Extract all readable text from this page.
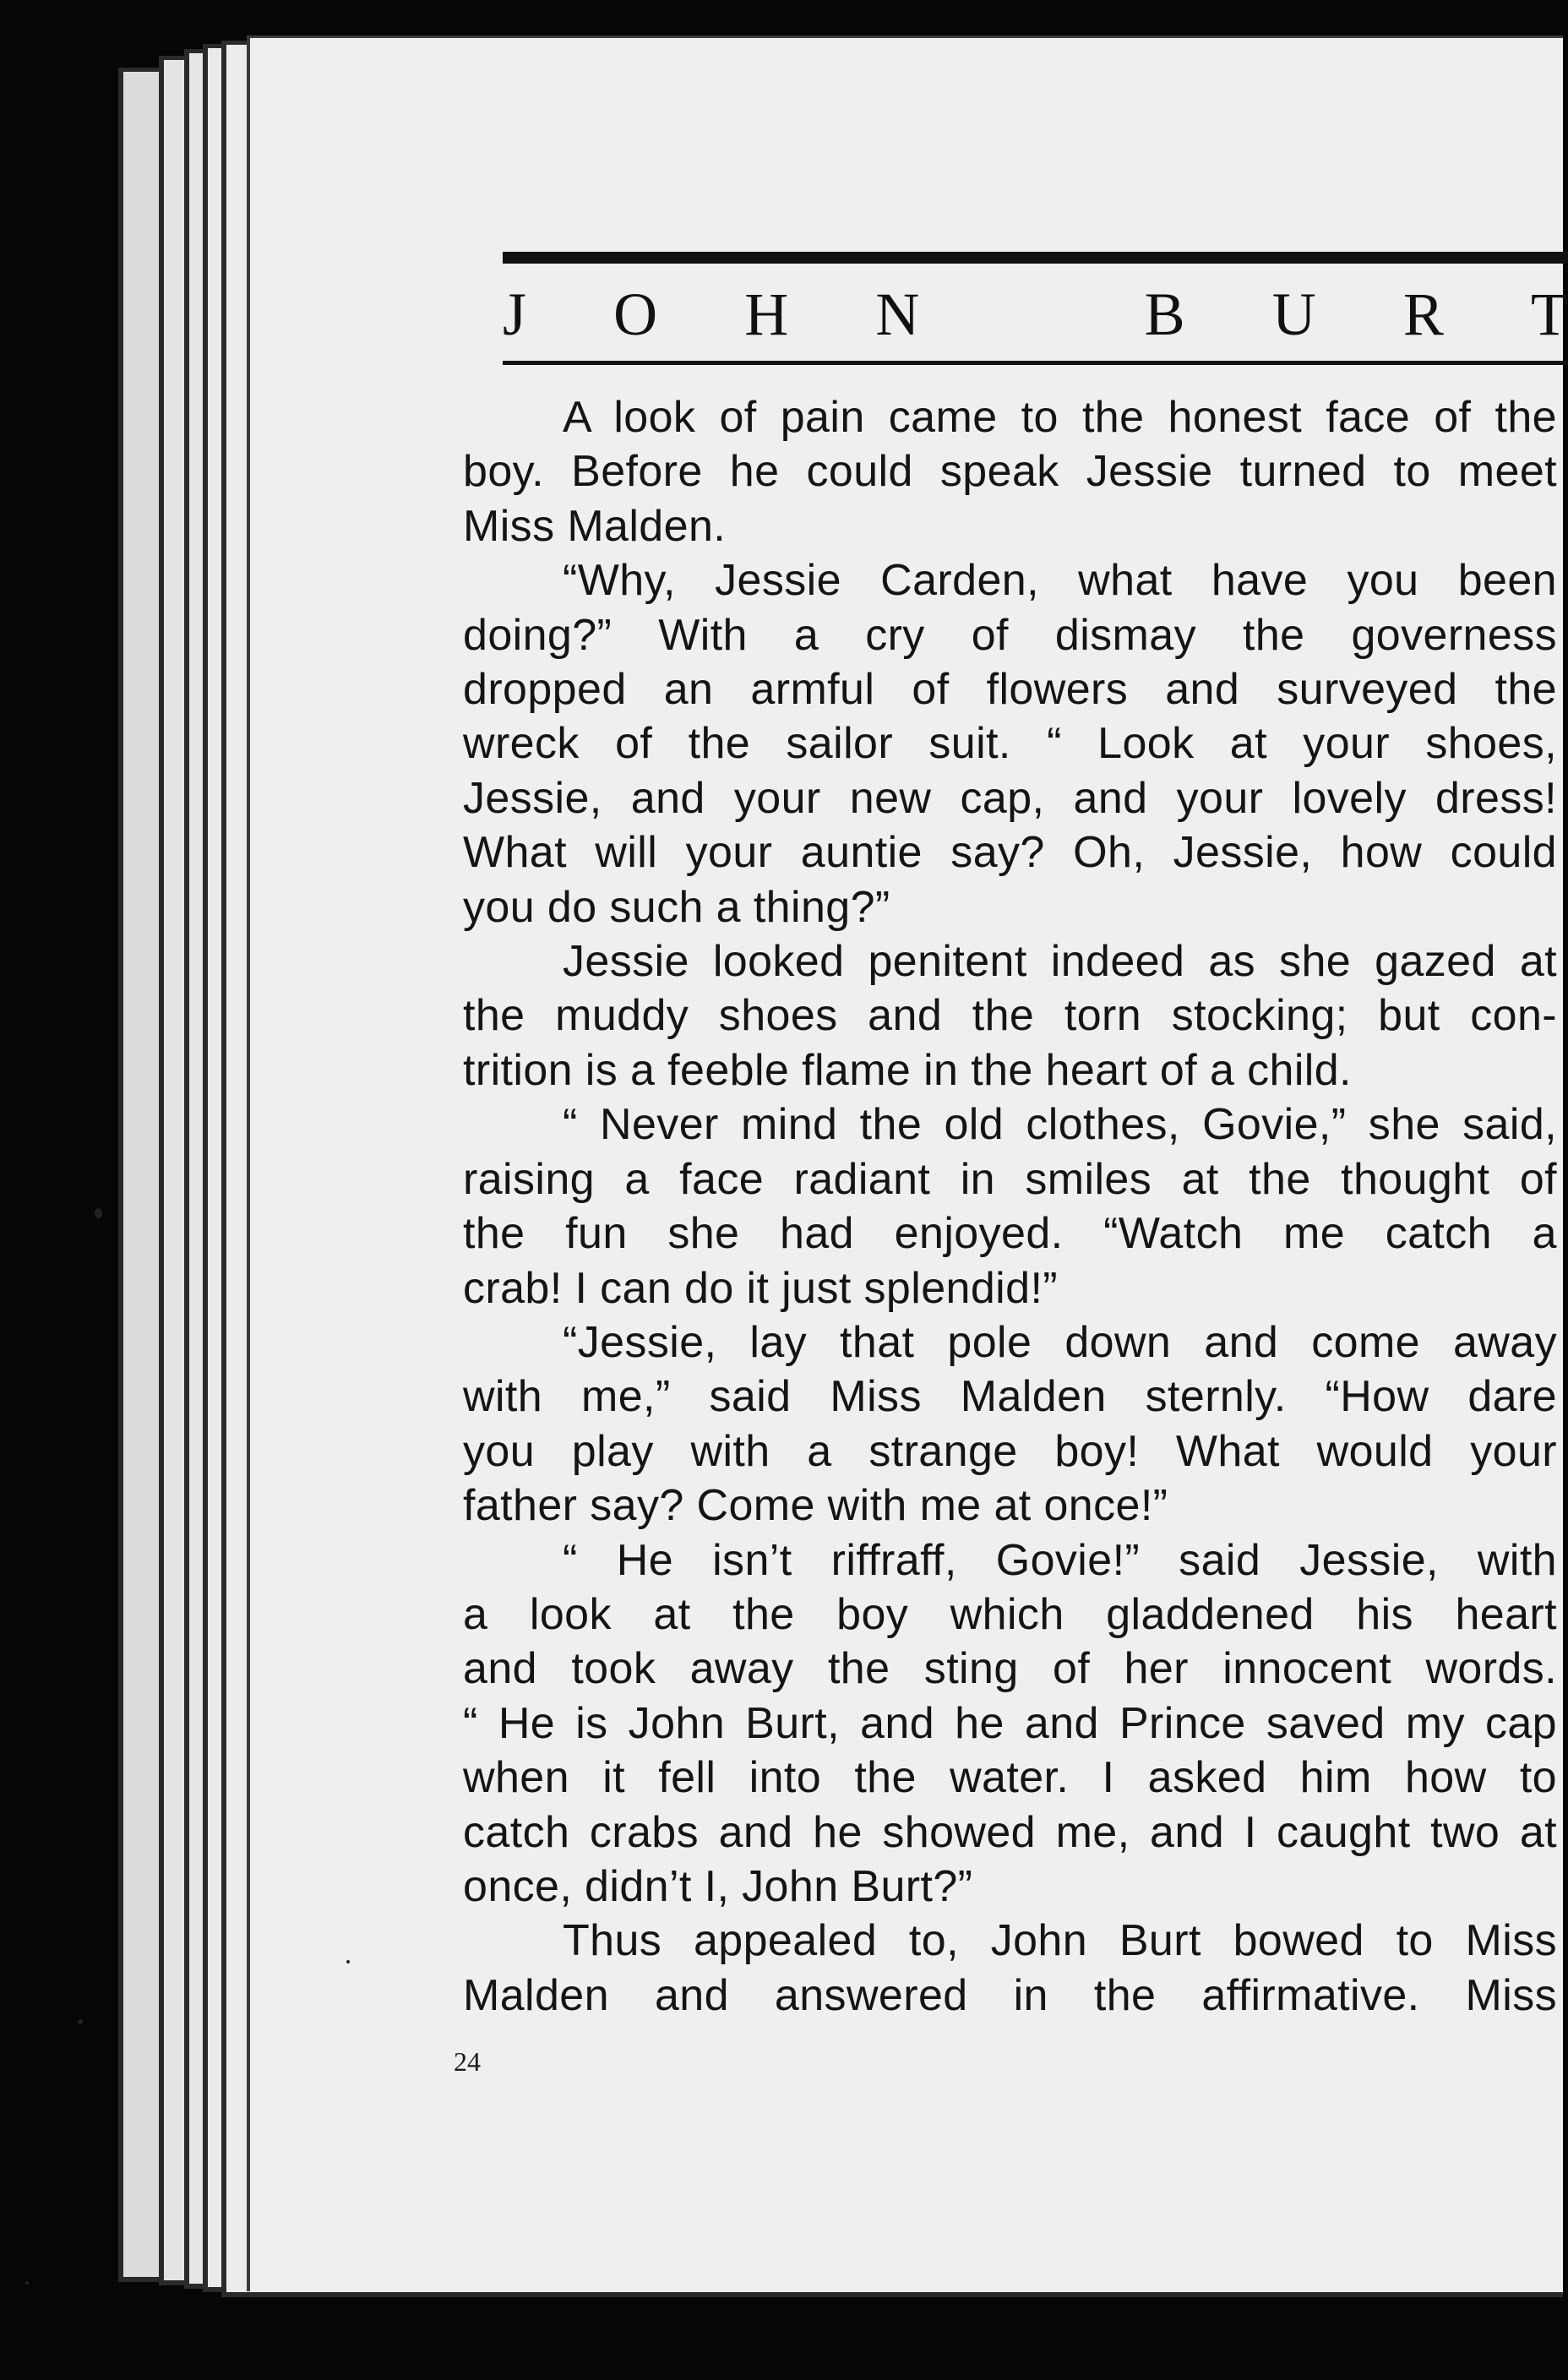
J O H N	B U R T

A look of pain came to the honest face of the
boy. Before he could speak Jessie turned to meet
Miss Malden.

“Why, Jessie Carden, what have you been
doing?” With a cry of dismay the governess
dropped an armful of flowers and surveyed the
wreck of the sailor suit. “ Look at your shoes,
Jessie, and your new cap, and your lovely dress!
What will your auntie say? Oh, Jessie, how could
you do such a thing?”

Jessie looked penitent indeed as she gazed at
the muddy shoes and the torn stocking; but con-
trition is a feeble flame in the heart of a child.

“ Never mind the old clothes, Govie,” she said,
raising a face radiant in smiles at the thought of
the fun she had enjoyed. “Watch me catch a
crab! I can do it just splendid!”

“Jessie, lay that pole down and come away
with me,” said Miss Malden sternly. “How dare
you play with a strange boy! What would your
father say? Come with me at once!”

“ He isn’t riffraff, Govie!” said Jessie, with
a look at the boy which gladdened his heart
and took away the sting of her innocent words.
“ He is John Burt, and he and Prince saved my cap
when it fell into the water. I asked him how to
catch crabs and he showed me, and I caught two at
once, didn’t I, John Burt?”

Thus appealed to, John Burt bowed to Miss
Malden and answered in the affirmative. Miss

24
